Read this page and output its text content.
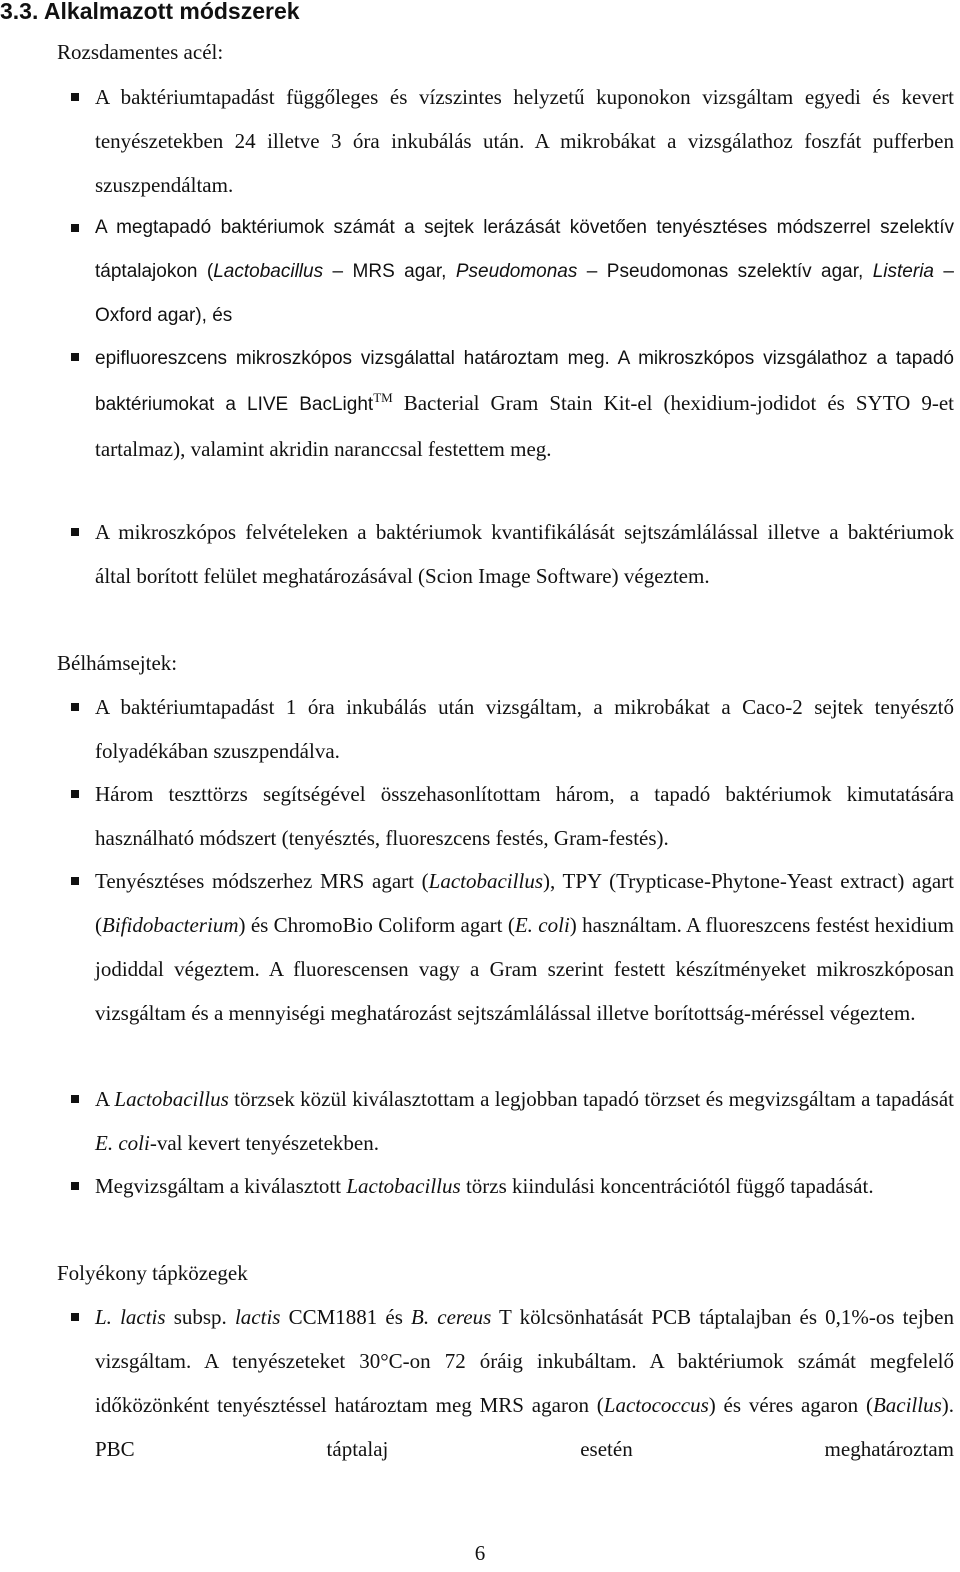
3.3. Alkalmazott módszerek

Rozsdamentes acél:

A baktériumtapadást függőleges és vízszintes helyzetű kuponokon vizsgáltam egyedi és kevert tenyészetekben 24 illetve 3 óra inkubálás után. A mikrobákat a vizsgálathoz foszfát pufferben szuszpendáltam.

A megtapadó baktériumok számát a sejtek lerázását követően tenyésztéses módszerrel szelektív táptalajokon (Lactobacillus – MRS agar, Pseudomonas – Pseudomonas szelektív agar, Listeria – Oxford agar), és

epifluoreszcens mikroszkópos vizsgálattal határoztam meg. A mikroszkópos vizsgálathoz a tapadó baktériumokat a LIVE BacLight™ Bacterial Gram Stain Kit-el (hexidium-jodidot és SYTO 9-et tartalmaz), valamint akridin naranccsal festettem meg.

A mikroszkópos felvételeken a baktériumok kvantifikálását sejtszámlálással illetve a baktériumok által borított felület meghatározásával (Scion Image Software) végeztem.

Bélhámsejtek:

A baktériumtapadást 1 óra inkubálás után vizsgáltam, a mikrobákat a Caco-2 sejtek tenyésztő folyadékában szuszpendálva.

Három teszttörzs segítségével összehasonlítottam három, a tapadó baktériumok kimutatására használható módszert (tenyésztés, fluoreszcens festés, Gram-festés).

Tenyésztéses módszerhez MRS agart (Lactobacillus), TPY (Trypticase-Phytone-Yeast extract) agart (Bifidobacterium) és ChromoBio Coliform agart (E. coli) használtam. A fluoreszcens festést hexidium jodiddal végeztem. A fluorescensen vagy a Gram szerint festett készítményeket mikroszkóposan vizsgáltam és a mennyiségi meghatározást sejtszámlálással illetve borítottság-méréssel végeztem.

A Lactobacillus törzsek közül kiválasztottam a legjobban tapadó törzset és megvizsgáltam a tapadását E. coli-val kevert tenyészetekben.

Megvizsgáltam a kiválasztott Lactobacillus törzs kiindulási koncentrációtól függő tapadását.

Folyékony tápközegek

L. lactis subsp. lactis CCM1881 és B. cereus T kölcsönhatását PCB táptalajban és 0,1%-os tejben vizsgáltam. A tenyészeteket 30°C-on 72 óráig inkubáltam. A baktériumok számát megfelelő időközönként tenyésztéssel határoztam meg MRS agaron (Lactococcus) és véres agaron (Bacillus). PBC táptalaj esetén meghatároztam

6
